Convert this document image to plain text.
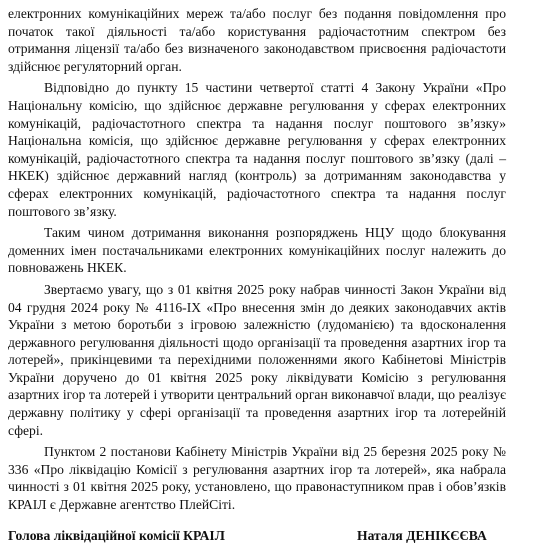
електронних комунікаційних мереж та/або послуг без подання повідомлення про початок такої діяльності та/або користування радіочастотним спектром без отримання ліцензії та/або без визначеного законодавством присвоєння радіочастоти здійснює регуляторний орган.

Відповідно до пункту 15 частини четвертої статті 4 Закону України «Про Національну комісію, що здійснює державне регулювання у сферах електронних комунікацій, радіочастотного спектра та надання послуг поштового зв’язку» Національна комісія, що здійснює державне регулювання у сферах електронних комунікацій, радіочастотного спектра та надання послуг поштового зв’язку (далі – НКЕК) здійснює державний нагляд (контроль) за дотриманням законодавства у сферах електронних комунікацій, радіочастотного спектра та надання послуг поштового зв’язку.

Таким чином дотримання виконання розпоряджень НЦУ щодо блокування доменних імен постачальниками електронних комунікаційних послуг належить до повноважень НКЕК.

Звертаємо увагу, що з 01 квітня 2025 року набрав чинності Закон України від 04 грудня 2024 року № 4116-IX «Про внесення змін до деяких законодавчих актів України з метою боротьби з ігровою залежністю (лудоманією) та вдосконалення державного регулювання діяльності щодо організації та проведення азартних ігор та лотерей», прикінцевими та перехідними положеннями якого Кабінетові Міністрів України доручено до 01 квітня 2025 року ліквідувати Комісію з регулювання азартних ігор та лотерей і утворити центральний орган виконавчої влади, що реалізує державну політику у сфері організації та проведення азартних ігор та лотерейній сфері.

Пунктом 2 постанови Кабінету Міністрів України від 25 березня 2025 року № 336 «Про ліквідацію Комісії з регулювання азартних ігор та лотерей», яка набрала чинності з 01 квітня 2025 року, установлено, що правонаступником прав і обов’язків КРАІЛ є Державне агентство ПлейСіті.

Голова ліквідаційної комісії КРАІЛ	Наталя ДЕНІКЄЄВА
